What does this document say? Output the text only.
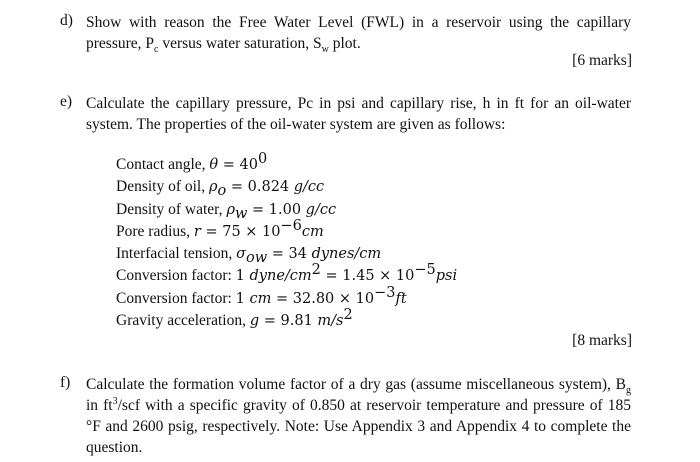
d) Show with reason the Free Water Level (FWL) in a reservoir using the capillary pressure, $P_c$ versus water saturation, $S_w$ plot.
[6 marks]
e) Calculate the capillary pressure, Pc in psi and capillary rise, h in ft for an oil-water system. The properties of the oil-water system are given as follows:
Contact angle, $\theta = 40^0$
Density of oil, $\rho_o = 0.824$ g/cc
Density of water, $\rho_w = 1.00$ g/cc
Pore radius, $r = 75 \times 10^{-6}cm$
Interfacial tension, $\sigma_{ow} = 34$ dynes/cm
Conversion factor: 1 dyne/$cm^2 = 1.45 \times 10^{-5}psi$
Conversion factor: 1 cm = $32.80 \times 10^{-3}ft$
Gravity acceleration, g = 9.81 $m/s^2$
[8 marks]
f) Calculate the formation volume factor of a dry gas (assume miscellaneous system), $B_g$ in $ft^3$/scf with a specific gravity of 0.850 at reservoir temperature and pressure of 185 °F and 2600 psig, respectively. Note: Use Appendix 3 and Appendix 4 to complete the question.
